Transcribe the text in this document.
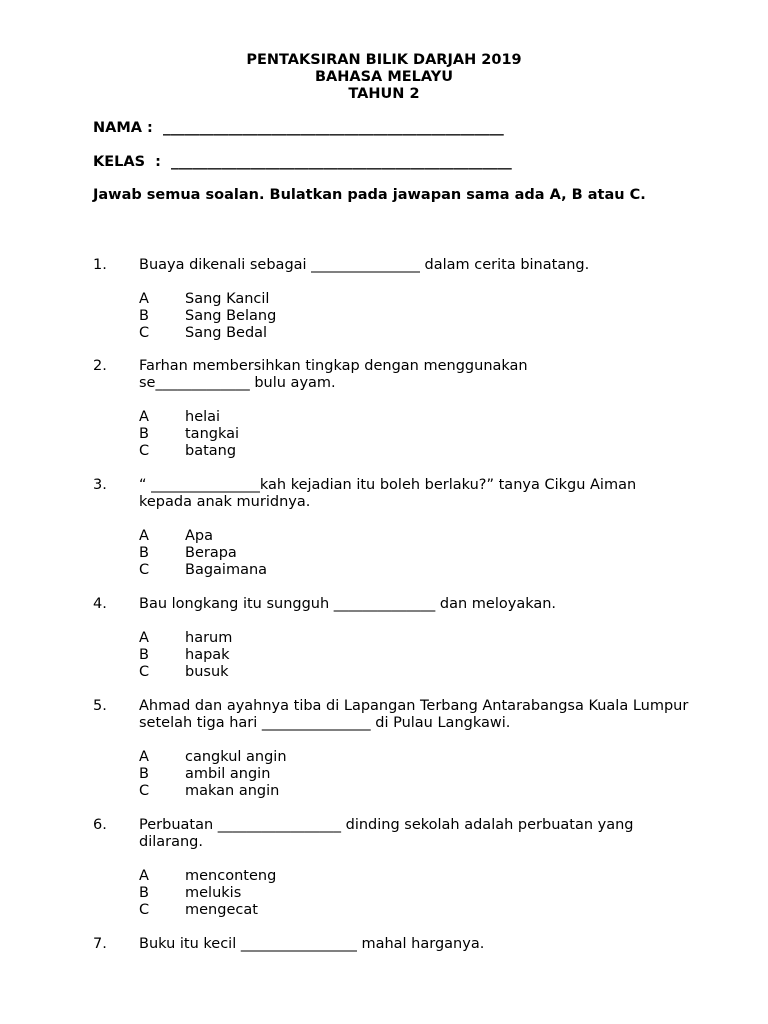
PENTAKSIRAN BILIK DARJAH 2019
BAHASA MELAYU
TAHUN 2
NAMA :  _______________________________________________
KELAS  :  _______________________________________________
Jawab semua soalan. Bulatkan pada jawapan sama ada A, B atau C.
1. Buaya dikenali sebagai _______________ dalam cerita binatang.
A	Sang Kancil
B	Sang Belang
C	Sang Bedal
2. Farhan membersihkan tingkap dengan menggunakan se_____________ bulu ayam.
A	helai
B	tangkai
C	batang
3. “ _______________kah kejadian itu boleh berlaku?” tanya Cikgu Aiman kepada anak muridnya.
A	Apa
B	Berapa
C	Bagaimana
4. Bau longkang itu sungguh ______________ dan meloyakan.
A	harum
B	hapak
C	busuk
5. Ahmad dan ayahnya tiba di Lapangan Terbang Antarabangsa Kuala Lumpur setelah tiga hari _______________ di Pulau Langkawi.
A	cangkul angin
B	ambil angin
C	makan angin
6. Perbuatan _________________ dinding sekolah adalah perbuatan yang dilarang.
A	menconteng
B	melukis
C	mengecat
7. Buku itu kecil ________________ mahal harganya.
